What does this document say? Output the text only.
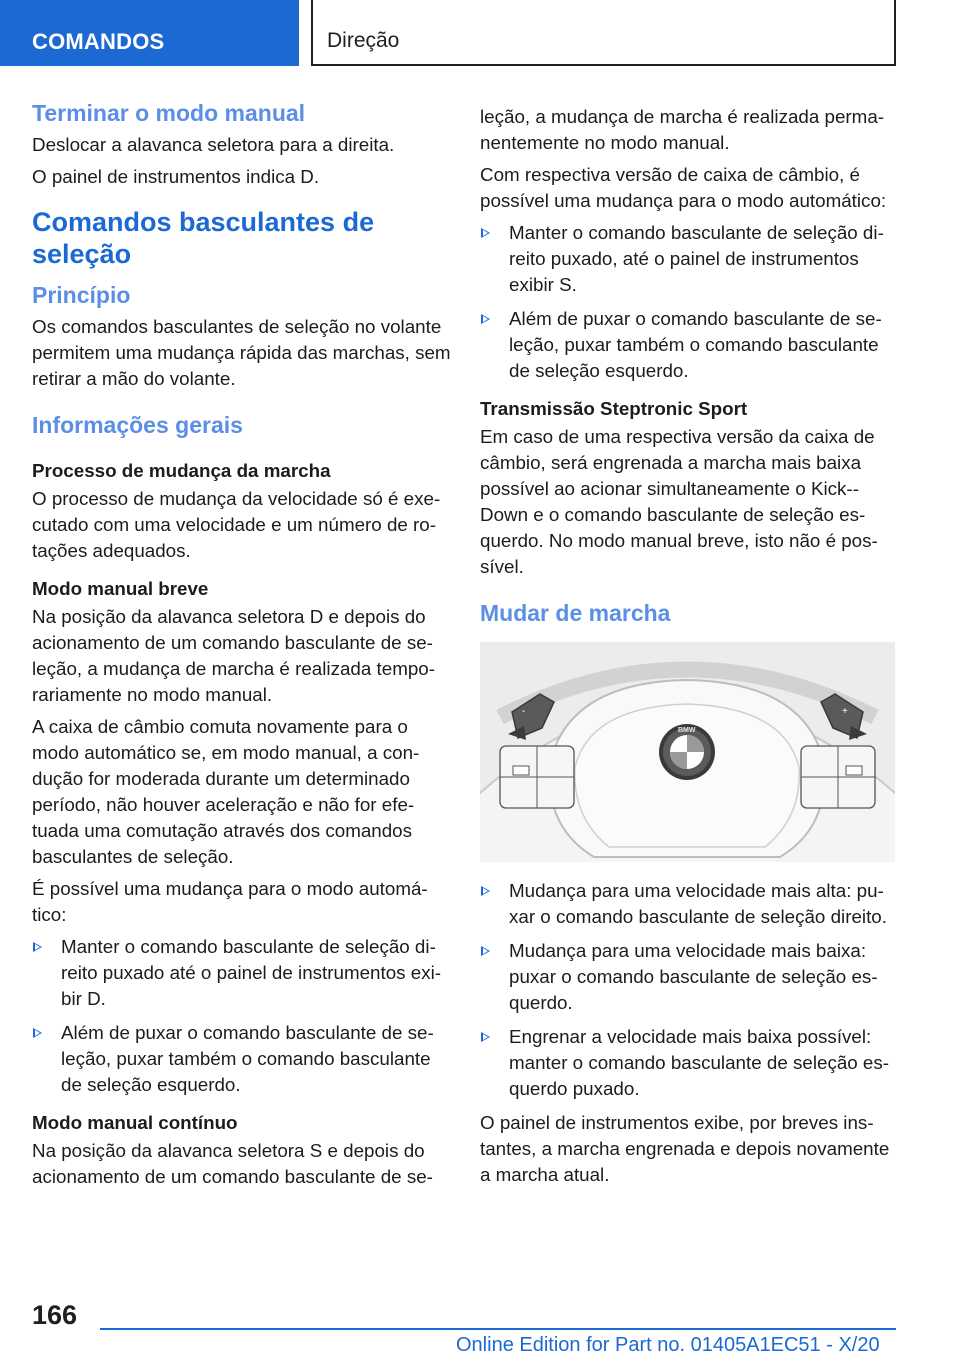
COMANDOS	Direção
Terminar o modo manual

Deslocar a alavanca seletora para a direita.

O painel de instrumentos indica D.

Comandos basculantes de seleção
Princípio

Os comandos basculantes de seleção no volante permitem uma mudança rápida das marchas, sem retirar a mão do volante.

Informações gerais
Processo de mudança da marcha

O processo de mudança da velocidade só é executado com uma velocidade e um número de rotações adequados.

Modo manual breve

Na posição da alavanca seletora D e depois do acionamento de um comando basculante de seleção, a mudança de marcha é realizada temporariamente no modo manual.

A caixa de câmbio comuta novamente para o modo automático se, em modo manual, a condução for moderada durante um determinado período, não houver aceleração e não for efetuada uma comutação através dos comandos basculantes de seleção.

É possível uma mudança para o modo automático:

Manter o comando basculante de seleção direito puxado até o painel de instrumentos exibir D.
Além de puxar o comando basculante de seleção, puxar também o comando basculante de seleção esquerdo.
Modo manual contínuo

Na posição da alavanca seletora S e depois do acionamento de um comando basculante de se-

leção, a mudança de marcha é realizada permanentemente no modo manual.

Com respectiva versão de caixa de câmbio, é possível uma mudança para o modo automático:

Manter o comando basculante de seleção direito puxado, até o painel de instrumentos exibir S.
Além de puxar o comando basculante de seleção, puxar também o comando basculante de seleção esquerdo.
Transmissão Steptronic Sport

Em caso de uma respectiva versão da caixa de câmbio, será engrenada a marcha mais baixa possível ao acionar simultaneamente o Kick-Down e o comando basculante de seleção esquerdo. No modo manual breve, isto não é possível.

Mudar de marcha
BMW
-	+
Mudança para uma velocidade mais alta: puxar o comando basculante de seleção direito.
Mudança para uma velocidade mais baixa: puxar o comando basculante de seleção esquerdo.
Engrenar a velocidade mais baixa possível: manter o comando basculante de seleção esquerdo puxado.

O painel de instrumentos exibe, por breves instantes, a marcha engrenada e depois novamente a marcha atual.

166
Online Edition for Part no. 01405A1EC51 - X/20
